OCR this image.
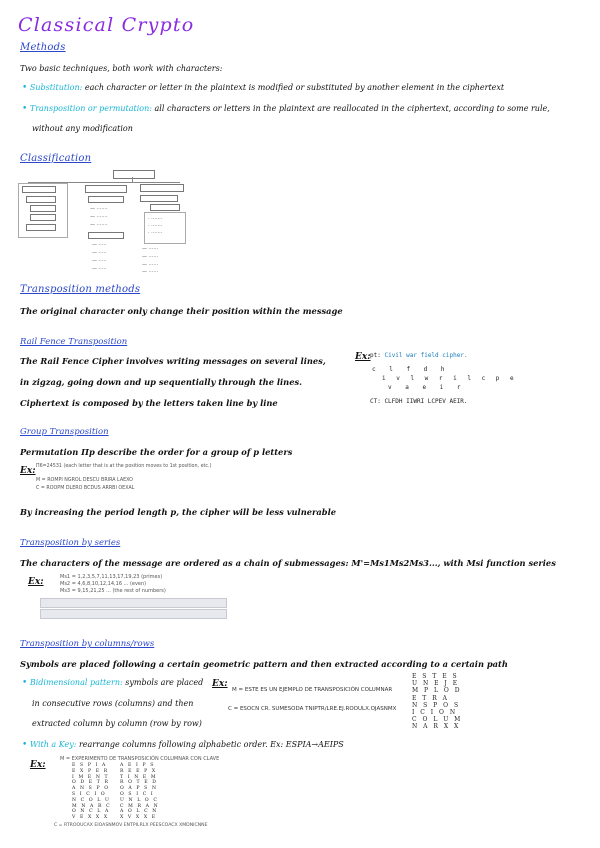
Classical Crypto
Methods
Two basic techniques, both work with characters:
• Substitution: each character or letter in the plaintext is modified or substituted by another element in the ciphertext
• Transposition or permutation: all characters or letters in the plaintext are reallocated in the ciphertext, according to some rule,
without any modification
Classification
— ·······
— ·······
— ·······
— ·····
— ·····
— ·····
— ·····
· ·······
· ·······
· ·······
— ······
— ······
— ······
— ······
Transposition methods
The original character only change their position within the message
Rail Fence Transposition
The Rail Fence Cipher involves writing messages on several lines,
in zigzag, going down and up sequentially through the lines.
Ciphertext is composed by the letters taken line by line
Ex: pt: Civil war field cipher.
c l f d h
i v l w r i l c p e
v a e i r
CT: CLFDH IIWRI LCPEV AEIR.
Group Transposition
Permutation Πp describe the order for a group of p letters
Ex: Π6=24531 (each letter that is at the position moves to 1st position, etc.)
M = ROMPI NGROL DESCU BRIRA LAEXO
C = ROOPM DLERO BCDUS ARRBI OEXAL
By increasing the period length p, the cipher will be less vulnerable
Transposition by series
The characters of the message are ordered as a chain of submessages: M'=Ms1Ms2Ms3..., with Msi function series
Ex:	Ms1 = 1,2,3,5,7,11,13,17,19,23 (primes)
Ms2 = 4,6,8,10,12,14,16 ... (even)
Ms3 = 9,15,21,25 ... (the rest of numbers)
Transposition by columns/rows
Symbols are placed following a certain geometric pattern and then extracted according to a certain path
• Bidimensional pattern: symbols are placed
in consecutive rows (columns) and then
extracted column by column (row by row)
Ex:
M = ESTE ES UN EJEMPLO DE TRANSPOSICIÓN COLUMNAR
C = ESOCN CR. SUMESODA TNIPTR/LRE.EJ.ROOULX.OJASNMX
E S T E S
U N E J E
M P L O D
E T R A
N S P O S
I C I O N
C O L U M
N A R X X
• With a Key: rearrange columns following alphabetic order. Ex: ESPIA→AEIPS
Ex:
M = EXPERIMENTO DE TRANSPOSICIÓN COLUMNAR CON CLAVE
E S P I A
E X P E R
I M E N T
O D E T R
A N S P O
S I C I O
N C O L U
M N A R C
O N C L A
V E X X X
A E I P S
R E E P X
T I N E M
R O T E D
O A P S N
O S I C I
U N L O C
C M R A N
A O L C N
X V X X E
C = RTROOUCAX EIOASNMOV ENTPILRLX PEESCOACX XMDNICNNE
